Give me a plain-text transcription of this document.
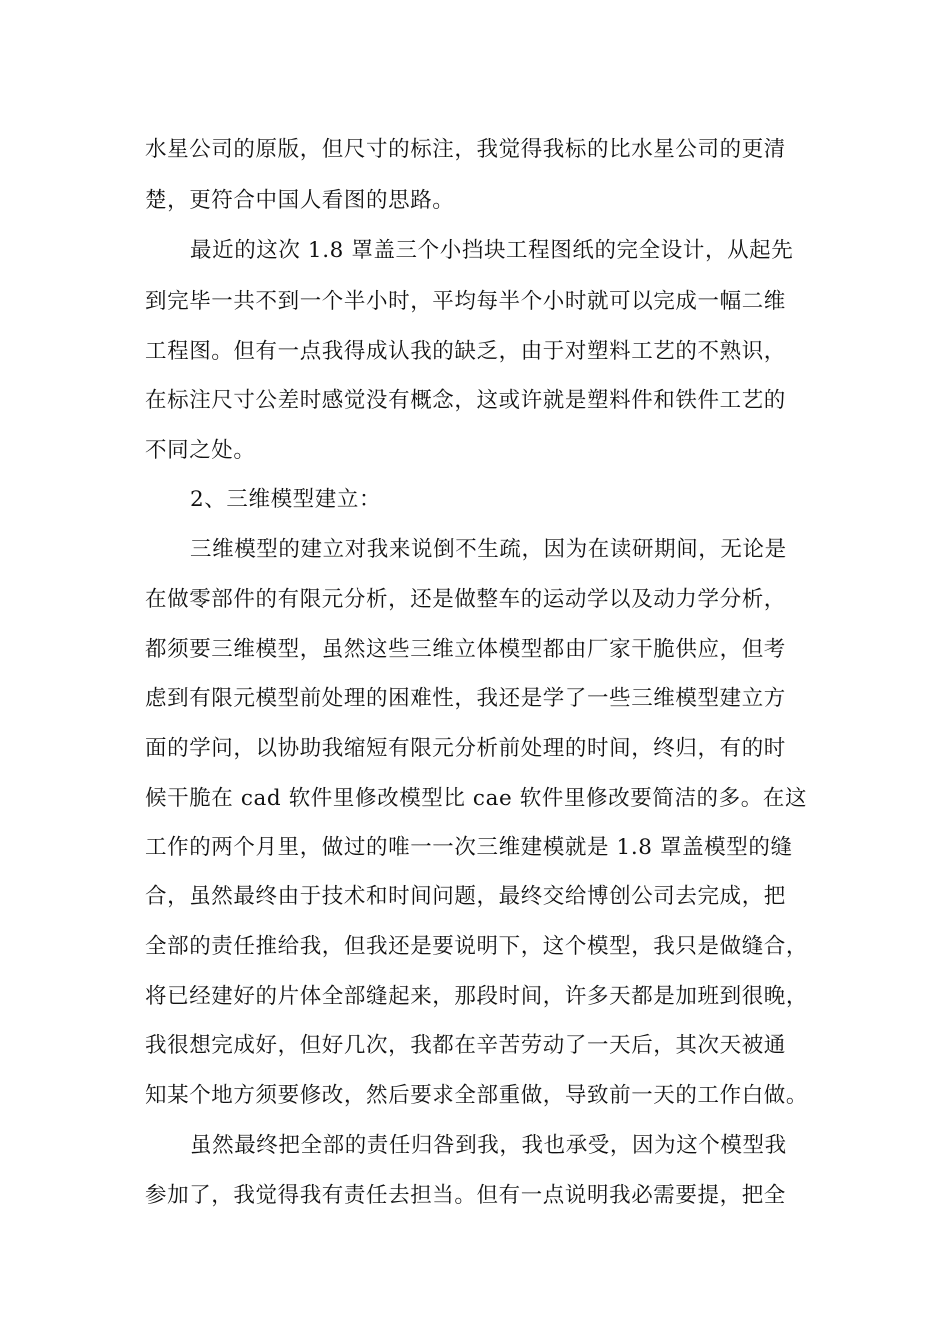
水星公司的原版，但尺寸的标注，我觉得我标的比水星公司的更清
楚，更符合中国人看图的思路。
最近的这次 1.8 罩盖三个小挡块工程图纸的完全设计，从起先
到完毕一共不到一个半小时，平均每半个小时就可以完成一幅二维
工程图。但有一点我得成认我的缺乏，由于对塑料工艺的不熟识，
在标注尺寸公差时感觉没有概念，这或许就是塑料件和铁件工艺的
不同之处。
2、三维模型建立：
三维模型的建立对我来说倒不生疏，因为在读研期间，无论是
在做零部件的有限元分析，还是做整车的运动学以及动力学分析，
都须要三维模型，虽然这些三维立体模型都由厂家干脆供应，但考
虑到有限元模型前处理的困难性，我还是学了一些三维模型建立方
面的学问，以协助我缩短有限元分析前处理的时间，终归，有的时
候干脆在 cad 软件里修改模型比 cae 软件里修改要简洁的多。在这
工作的两个月里，做过的唯一一次三维建模就是 1.8 罩盖模型的缝
合，虽然最终由于技术和时间问题，最终交给博创公司去完成，把
全部的责任推给我，但我还是要说明下，这个模型，我只是做缝合，
将已经建好的片体全部缝起来，那段时间，许多天都是加班到很晚，
我很想完成好，但好几次，我都在辛苦劳动了一天后，其次天被通
知某个地方须要修改，然后要求全部重做，导致前一天的工作白做。
虽然最终把全部的责任归咎到我，我也承受，因为这个模型我
参加了，我觉得我有责任去担当。但有一点说明我必需要提，把全
